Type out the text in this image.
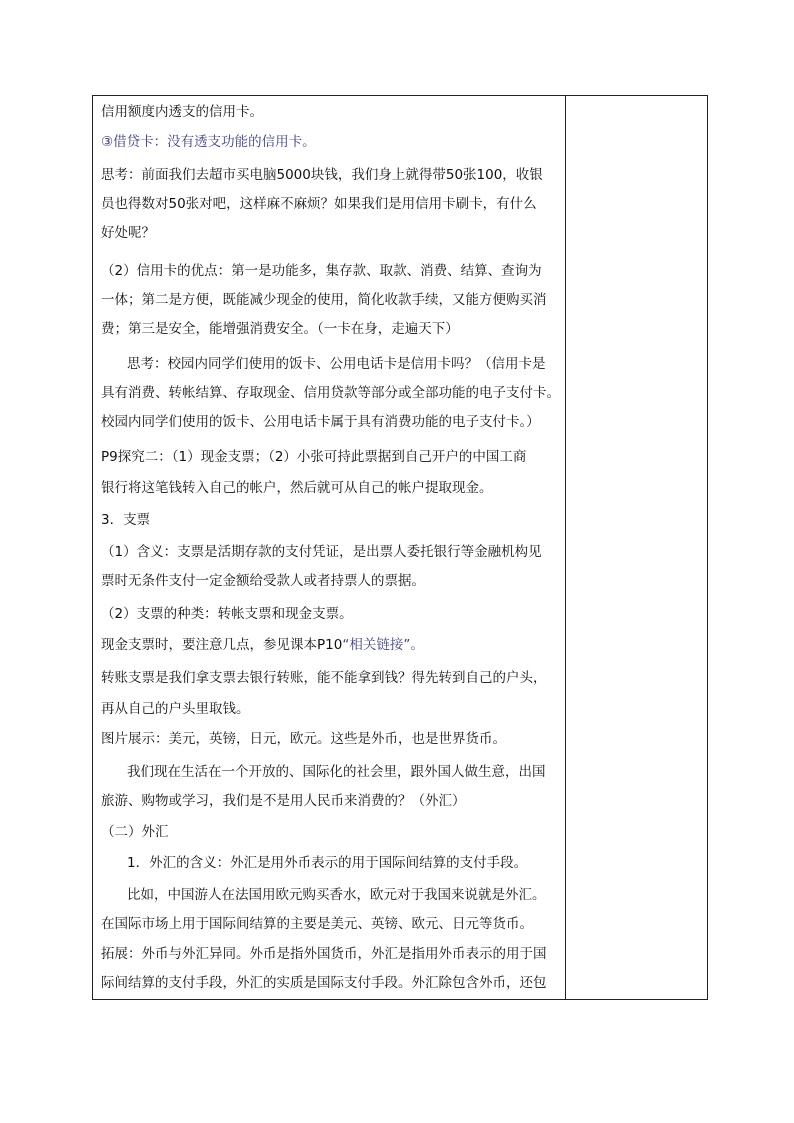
信用额度内透支的信用卡。
③借贷卡：没有透支功能的信用卡。
思考：前面我们去超市买电脑5000块钱，我们身上就得带50张100，收银
员也得数对50张对吧，这样麻不麻烦？如果我们是用信用卡刷卡，有什么
好处呢？
（2）信用卡的优点：第一是功能多，集存款、取款、消费、结算、查询为
一体；第二是方便，既能减少现金的使用，简化收款手续，又能方便购买消
费；第三是安全，能增强消费安全。（一卡在身，走遍天下）
思考：校园内同学们使用的饭卡、公用电话卡是信用卡吗？（信用卡是
具有消费、转帐结算、存取现金、信用贷款等部分或全部功能的电子支付卡。
校园内同学们使用的饭卡、公用电话卡属于具有消费功能的电子支付卡。）
P9探究二：（1）现金支票；（2）小张可持此票据到自己开户的中国工商
银行将这笔钱转入自己的帐户，然后就可从自己的帐户提取现金。
3．支票
（1）含义：支票是活期存款的支付凭证，是出票人委托银行等金融机构见
票时无条件支付一定金额给受款人或者持票人的票据。
（2）支票的种类：转帐支票和现金支票。
现金支票时，要注意几点，参见课本P10“相关链接”。
转账支票是我们拿支票去银行转账，能不能拿到钱？得先转到自己的户头，
再从自己的户头里取钱。
图片展示：美元，英镑，日元，欧元。这些是外币，也是世界货币。
我们现在生活在一个开放的、国际化的社会里，跟外国人做生意，出国
旅游、购物或学习，我们是不是用人民币来消费的？（外汇）
（二）外汇
1．外汇的含义：外汇是用外币表示的用于国际间结算的支付手段。
比如，中国游人在法国用欧元购买香水，欧元对于我国来说就是外汇。
在国际市场上用于国际间结算的主要是美元、英镑、欧元、日元等货币。
拓展：外币与外汇异同。外币是指外国货币，外汇是指用外币表示的用于国
际间结算的支付手段，外汇的实质是国际支付手段。外汇除包含外币，还包
